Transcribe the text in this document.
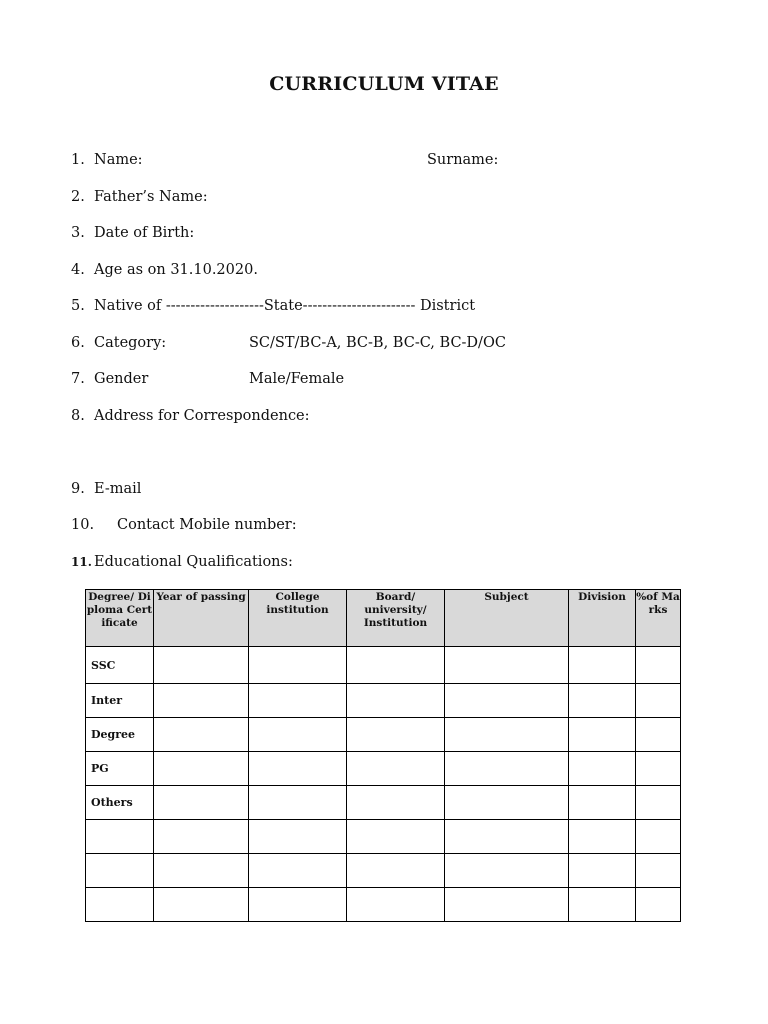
CURRICULUM VITAE
1. Name:	Surname:
2. Father’s Name:
3. Date of Birth:
4. Age as on 31.10.2020.
5. Native of --------------------State----------------------- District
6. Category:	SC/ST/BC-A, BC-B, BC-C, BC-D/OC
7. Gender	Male/Female
8. Address for Correspondence:
9. E-mail
10. Contact Mobile number:
11. Educational Qualifications:
Degree/ Diploma Certificate	Year of passing	College institution	Board/ university/ Institution	Subject	Division	%of Marks
SSC						
Inter						
Degree						
PG						
Others						
